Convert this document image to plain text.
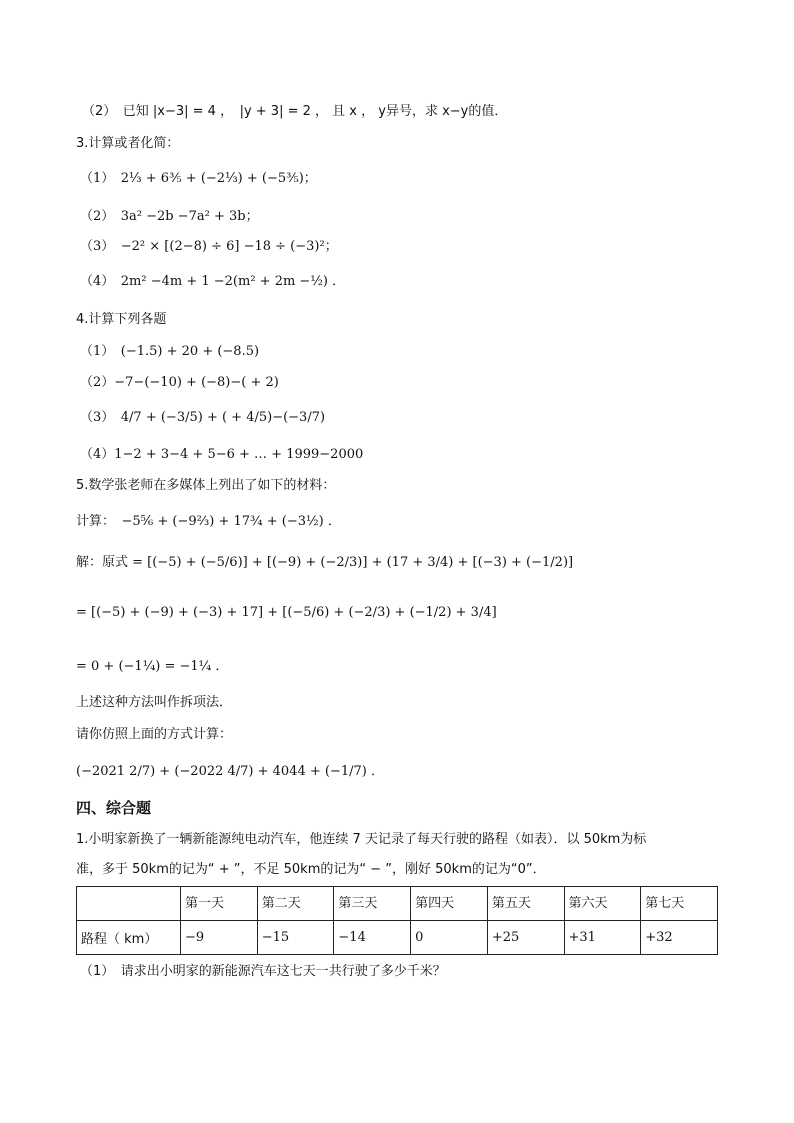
（2）　已知 |x−3| = 4 ，　|y + 3| = 2 ， 且 x ， y异号，求 x−y的值．
3.计算或者化简：
（1）　2⅓ + 6⅗ + (−2⅓) + (−5⅗)；
（2）　3a² −2b −7a² + 3b；
（3）　−2² × [(2−8) ÷ 6] −18 ÷ (−3)²；
（4）　2m² −4m + 1 −2(m² + 2m −½) ．
4.计算下列各题
（1）　(−1.5) + 20 + (−8.5)
（2）−7−(−10) + (−8)−( + 2)
（3）　4/7 + (−3/5) + ( + 4/5)−(−3/7)
（4）1−2 + 3−4 + 5−6 + … + 1999−2000
5.数学张老师在多媒体上列出了如下的材料：
计算：　−5⅚ + (−9⅔) + 17¾ + (−3½) ．
解：原式 = [(−5) + (−5/6)] + [(−9) + (−2/3)] + (17 + 3/4) + [(−3) + (−1/2)]
= [(−5) + (−9) + (−3) + 17] + [(−5/6) + (−2/3) + (−1/2) + 3/4]
= 0 + (−1¼) = −1¼ ．
上述这种方法叫作拆项法．
请你仿照上面的方式计算：
(−2021 2/7) + (−2022 4/7) + 4044 + (−1/7) ．
四、综合题
1.小明家新换了一辆新能源纯电动汽车，他连续 7 天记录了每天行驶的路程（如表）．以 50km为标
准，多于 50km的记为“ + ”，不足 50km的记为“ − ”，刚好 50km的记为“0”．
	第一天	第二天	第三天	第四天	第五天	第六天	第七天
路程（ km）	−9	−15	−14	0	+25	+31	+32
（1）　请求出小明家的新能源汽车这七天一共行驶了多少千米？
